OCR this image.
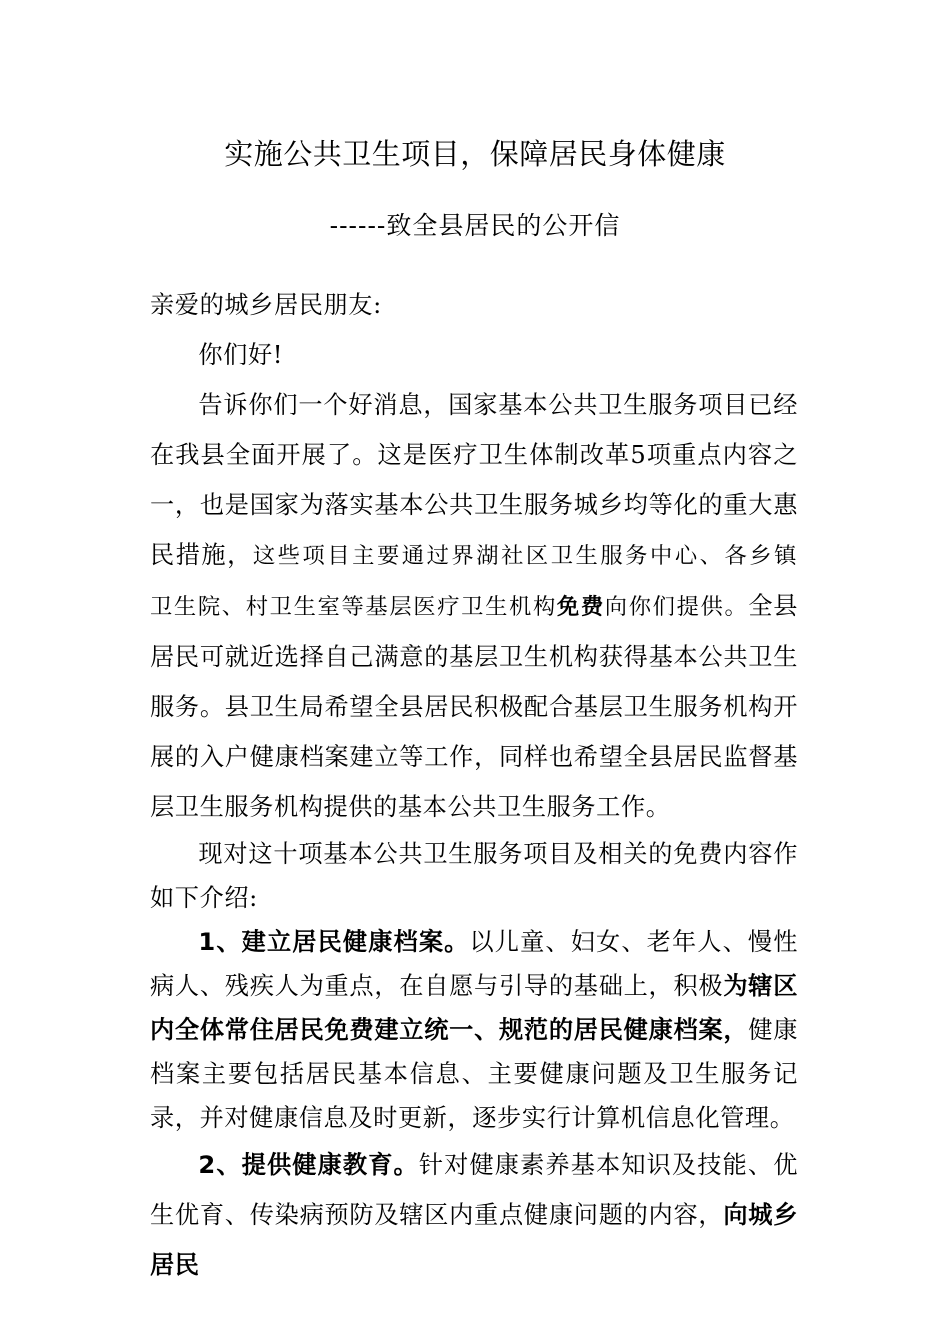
实施公共卫生项目，保障居民身体健康
------致全县居民的公开信

亲爱的城乡居民朋友:

你们好!

告诉你们一个好消息，国家基本公共卫生服务项目已经在我县全面开展了。这是医疗卫生体制改革5项重点内容之一，也是国家为落实基本公共卫生服务城乡均等化的重大惠民措施，这些项目主要通过界湖社区卫生服务中心、各乡镇卫生院、村卫生室等基层医疗卫生机构免费向你们提供。全县居民可就近选择自己满意的基层卫生机构获得基本公共卫生服务。县卫生局希望全县居民积极配合基层卫生服务机构开展的入户健康档案建立等工作，同样也希望全县居民监督基层卫生服务机构提供的基本公共卫生服务工作。

现对这十项基本公共卫生服务项目及相关的免费内容作如下介绍:

1、建立居民健康档案。以儿童、妇女、老年人、慢性病人、残疾人为重点，在自愿与引导的基础上，积极为辖区内全体常住居民免费建立统一、规范的居民健康档案，健康档案主要包括居民基本信息、主要健康问题及卫生服务记录，并对健康信息及时更新，逐步实行计算机信息化管理。

2、提供健康教育。针对健康素养基本知识及技能、优生优育、传染病预防及辖区内重点健康问题的内容，向城乡居民
